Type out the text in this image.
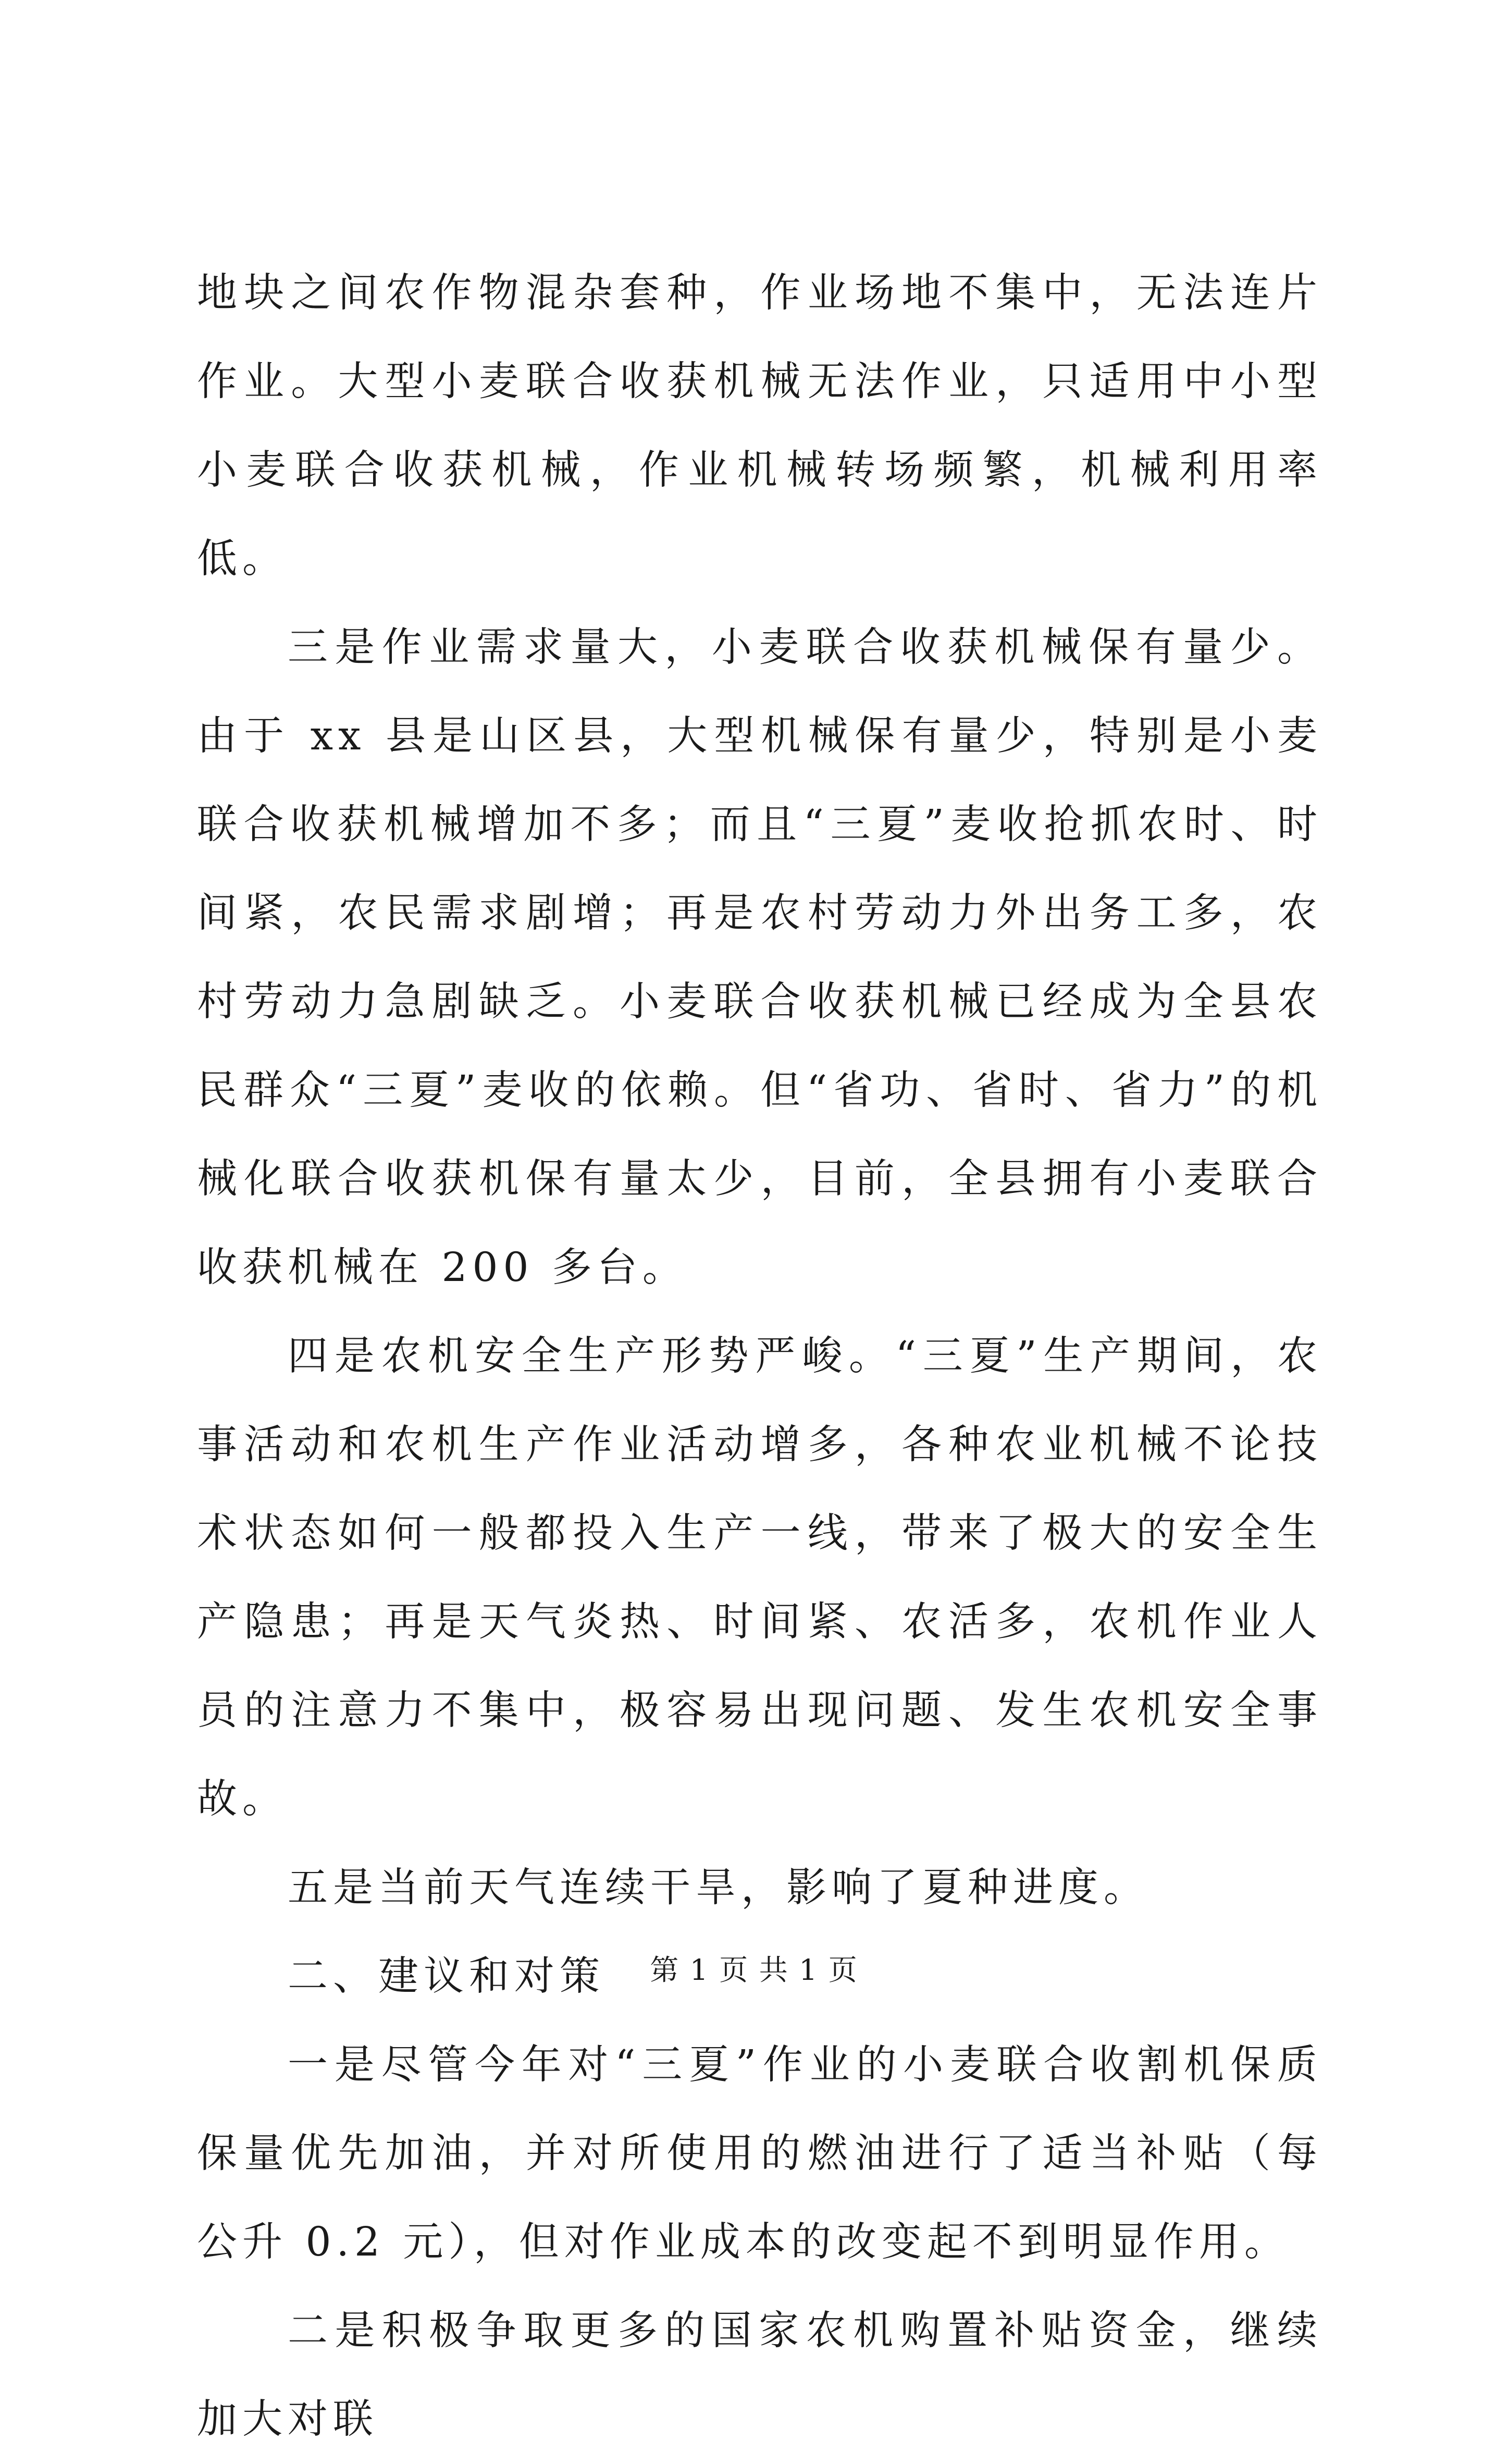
地块之间农作物混杂套种，作业场地不集中，无法连片作业。大型小麦联合收获机械无法作业，只适用中小型小麦联合收获机械，作业机械转场频繁，机械利用率低。

三是作业需求量大，小麦联合收获机械保有量少。由于 xx 县是山区县，大型机械保有量少，特别是小麦联合收获机械增加不多；而且“三夏”麦收抢抓农时、时间紧，农民需求剧增；再是农村劳动力外出务工多，农村劳动力急剧缺乏。小麦联合收获机械已经成为全县农民群众“三夏”麦收的依赖。但“省功、省时、省力”的机械化联合收获机保有量太少，目前，全县拥有小麦联合收获机械在 200 多台。

四是农机安全生产形势严峻。“三夏”生产期间，农事活动和农机生产作业活动增多，各种农业机械不论技术状态如何一般都投入生产一线，带来了极大的安全生产隐患；再是天气炎热、时间紧、农活多，农机作业人员的注意力不集中，极容易出现问题、发生农机安全事故。

五是当前天气连续干旱，影响了夏种进度。

二、建议和对策

一是尽管今年对“三夏”作业的小麦联合收割机保质保量优先加油，并对所使用的燃油进行了适当补贴（每公升 0.2 元），但对作业成本的改变起不到明显作用。

二是积极争取更多的国家农机购置补贴资金，继续加大对联

第 1 页 共 1 页
